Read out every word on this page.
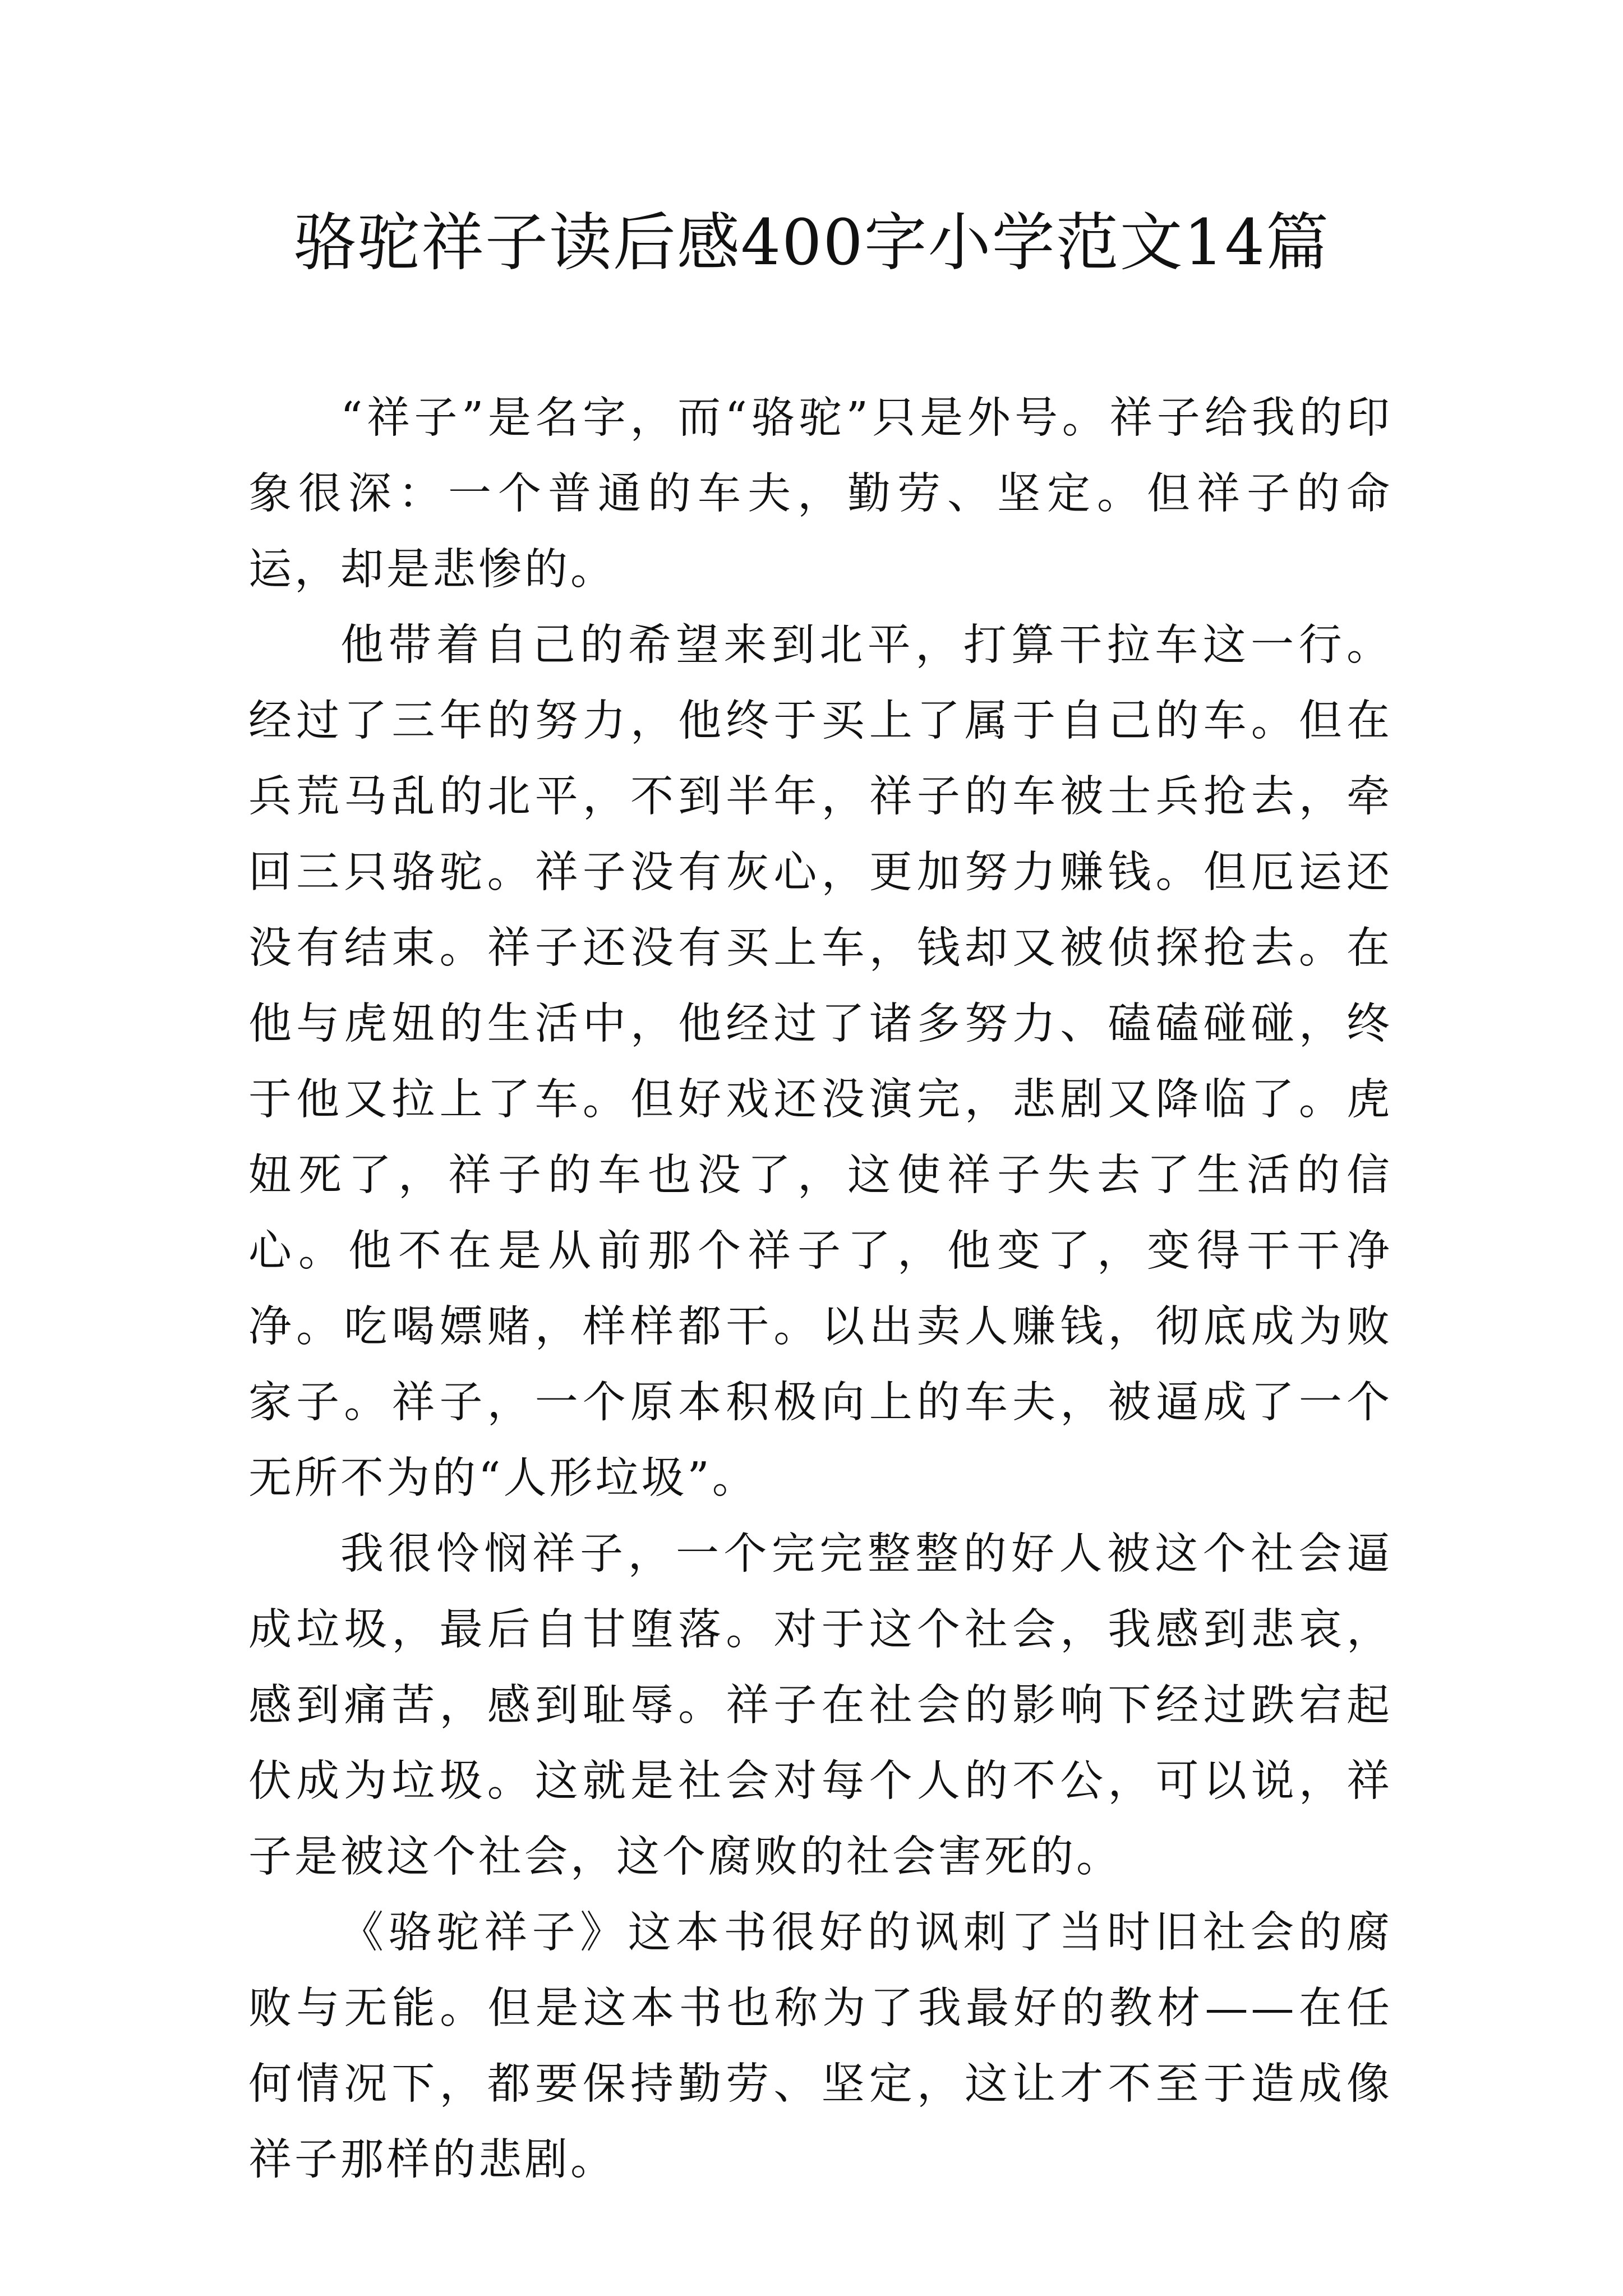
骆驼祥子读后感400字小学范文14篇

“祥子”是名字，而“骆驼”只是外号。祥子给我的印象很深：一个普通的车夫，勤劳、坚定。但祥子的命运，却是悲惨的。

他带着自己的希望来到北平，打算干拉车这一行。经过了三年的努力，他终于买上了属于自己的车。但在兵荒马乱的北平，不到半年，祥子的车被士兵抢去，牵回三只骆驼。祥子没有灰心，更加努力赚钱。但厄运还没有结束。祥子还没有买上车，钱却又被侦探抢去。在他与虎妞的生活中，他经过了诸多努力、磕磕碰碰，终于他又拉上了车。但好戏还没演完，悲剧又降临了。虎妞死了，祥子的车也没了，这使祥子失去了生活的信心。他不在是从前那个祥子了，他变了，变得干干净净。吃喝嫖赌，样样都干。以出卖人赚钱，彻底成为败家子。祥子，一个原本积极向上的车夫，被逼成了一个无所不为的“人形垃圾”。

我很怜悯祥子，一个完完整整的好人被这个社会逼成垃圾，最后自甘堕落。对于这个社会，我感到悲哀，感到痛苦，感到耻辱。祥子在社会的影响下经过跌宕起伏成为垃圾。这就是社会对每个人的不公，可以说，祥子是被这个社会，这个腐败的社会害死的。

《骆驼祥子》这本书很好的讽刺了当时旧社会的腐败与无能。但是这本书也称为了我最好的教材——在任何情况下，都要保持勤劳、坚定，这让才不至于造成像祥子那样的悲剧。
